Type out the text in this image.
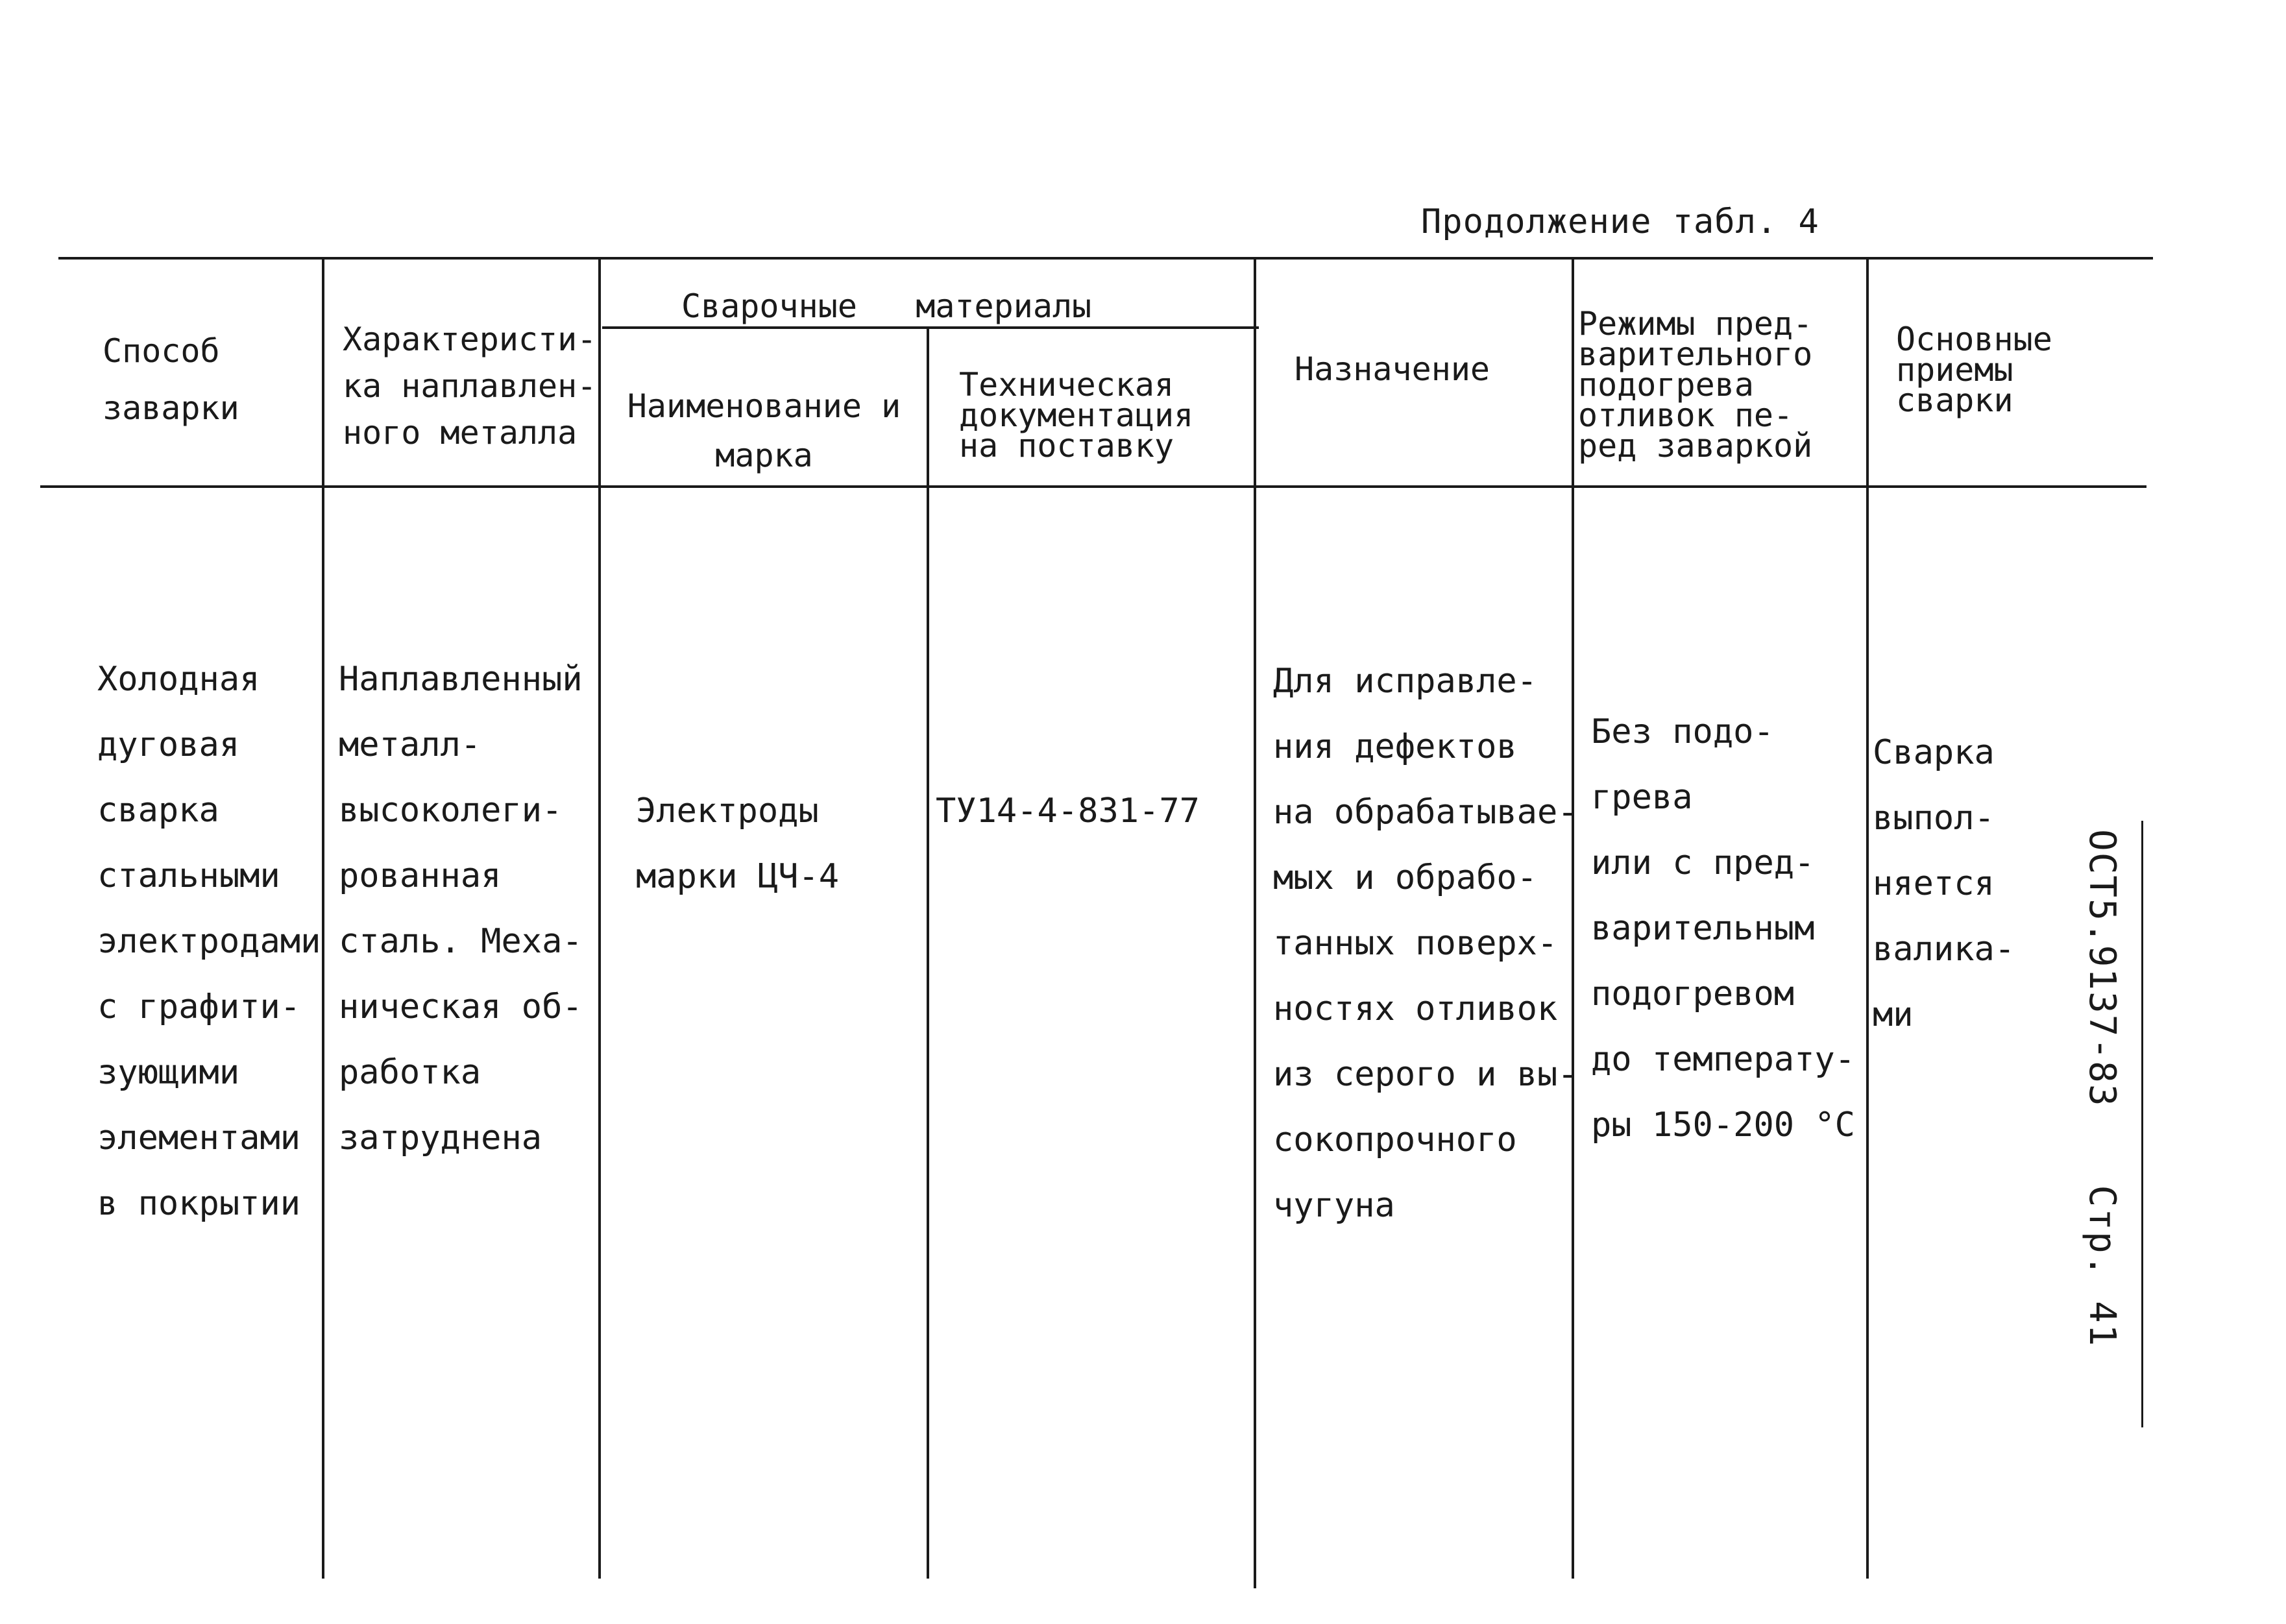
Продолжение табл. 4
Способ
заварки
Характеристи-
ка наплавлен-
ного металла
Сварочные   материалы
Наименование и
марка
Техническая
документация
на поставку
Назначение
Режимы пред-
варительного
подогрева
отливок пе-
ред заваркой
Основные
приемы
сварки
Холодная
дуговая
сварка
стальными
электродами
с графити-
зующими
элементами
в покрытии
Наплавленный
металл-
высоколеги-
рованная
сталь. Меха-
ническая об-
работка
затруднена
Электроды
марки ЦЧ-4
ТУ14-4-831-77
Для исправле-
ния дефектов
на обрабатывае-
мых и обрабо-
танных поверх-
ностях отливок
из серого и вы-
сокопрочного
чугуна
Без подо-
грева
или с пред-
варительным
подогревом
до температу-
ры 150-200 °С
Сварка
выпол-
няется
валика-
ми	ОСТ5.9137-83Стр. 41
